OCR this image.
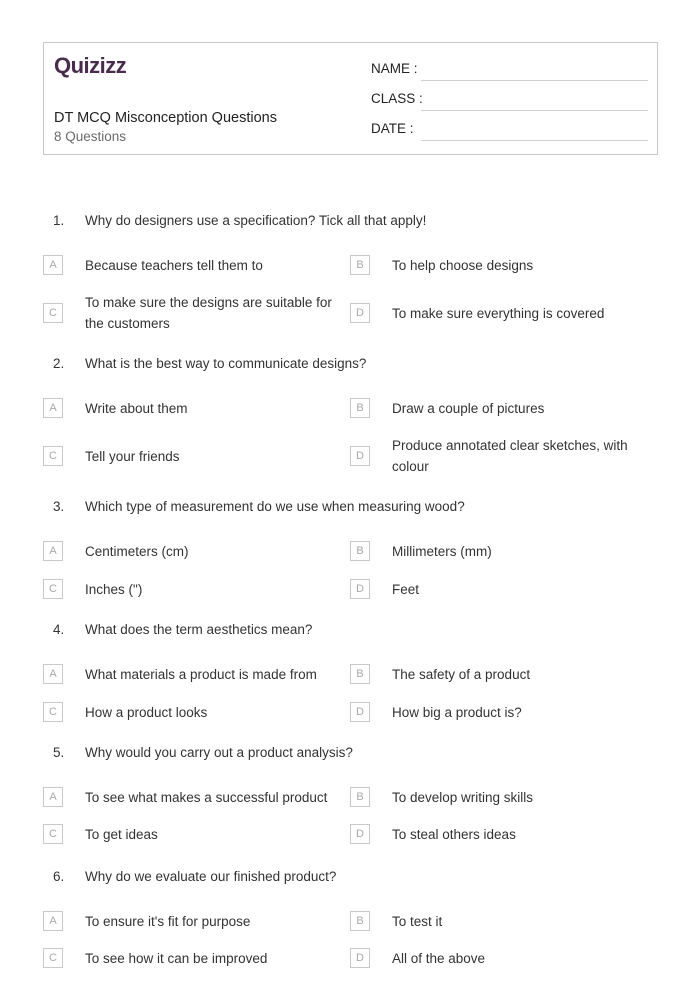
Quizizz
DT MCQ Misconception Questions
8 Questions
NAME :
CLASS :
DATE :
1. Why do designers use a specification? Tick all that apply!
A	Because teachers tell them to	B	To help choose designs
C
To make sure the designs are suitable for the customers
D	To make sure everything is covered
2. What is the best way to communicate designs?
A	Write about them	B	Draw a couple of pictures
C	Tell your friends	D
Produce annotated clear sketches, with colour
3. Which type of measurement do we use when measuring wood?
A	Centimeters (cm)	B	Millimeters (mm)
C	Inches (")	D	Feet
4. What does the term aesthetics mean?
A	What materials a product is made from	B	The safety of a product
C	How a product looks	D	How big a product is?
5. Why would you carry out a product analysis?
A	To see what makes a successful product	B	To develop writing skills
C	To get ideas	D	To steal others ideas
6. Why do we evaluate our finished product?
A	To ensure it's fit for purpose	B	To test it
C	To see how it can be improved	D	All of the above
